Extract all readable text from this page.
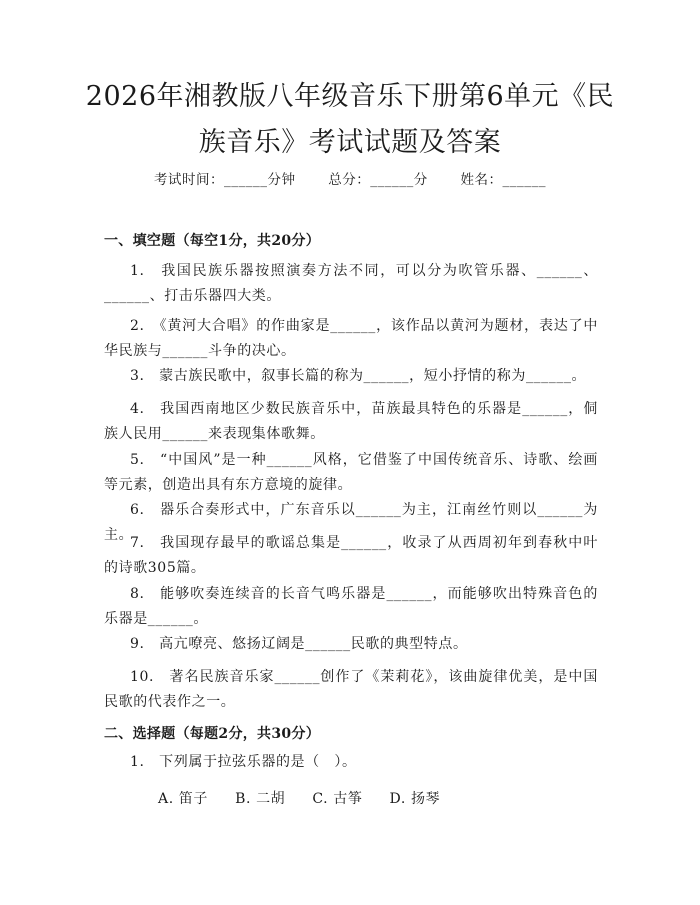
2026年湘教版八年级音乐下册第6单元《民
族音乐》考试试题及答案
考试时间：______分钟 总分：______分 姓名：______
一、填空题（每空1分，共20分）
1.　我国民族乐器按照演奏方法不同，可以分为吹管乐器、______、______、打击乐器四大类。
2.　《黄河大合唱》的作曲家是______，该作品以黄河为题材，表达了中华民族与______斗争的决心。
3.　蒙古族民歌中，叙事长篇的称为______，短小抒情的称为______。
4.　我国西南地区少数民族音乐中，苗族最具特色的乐器是______，侗族人民用______来表现集体歌舞。
5.　“中国风”是一种______风格，它借鉴了中国传统音乐、诗歌、绘画等元素，创造出具有东方意境的旋律。
6.　器乐合奏形式中，广东音乐以______为主，江南丝竹则以______为主。
7.　我国现存最早的歌谣总集是______，收录了从西周初年到春秋中叶的诗歌305篇。
8.　能够吹奏连续音的长音气鸣乐器是______，而能够吹出特殊音色的乐器是______。
9.　高亢嘹亮、悠扬辽阔是______民歌的典型特点。
10.　著名民族音乐家______创作了《茉莉花》，该曲旋律优美，是中国民歌的代表作之一。
二、选择题（每题2分，共30分）
1.　下列属于拉弦乐器的是（　）。
A. 笛子 B. 二胡 C. 古筝 D. 扬琴
